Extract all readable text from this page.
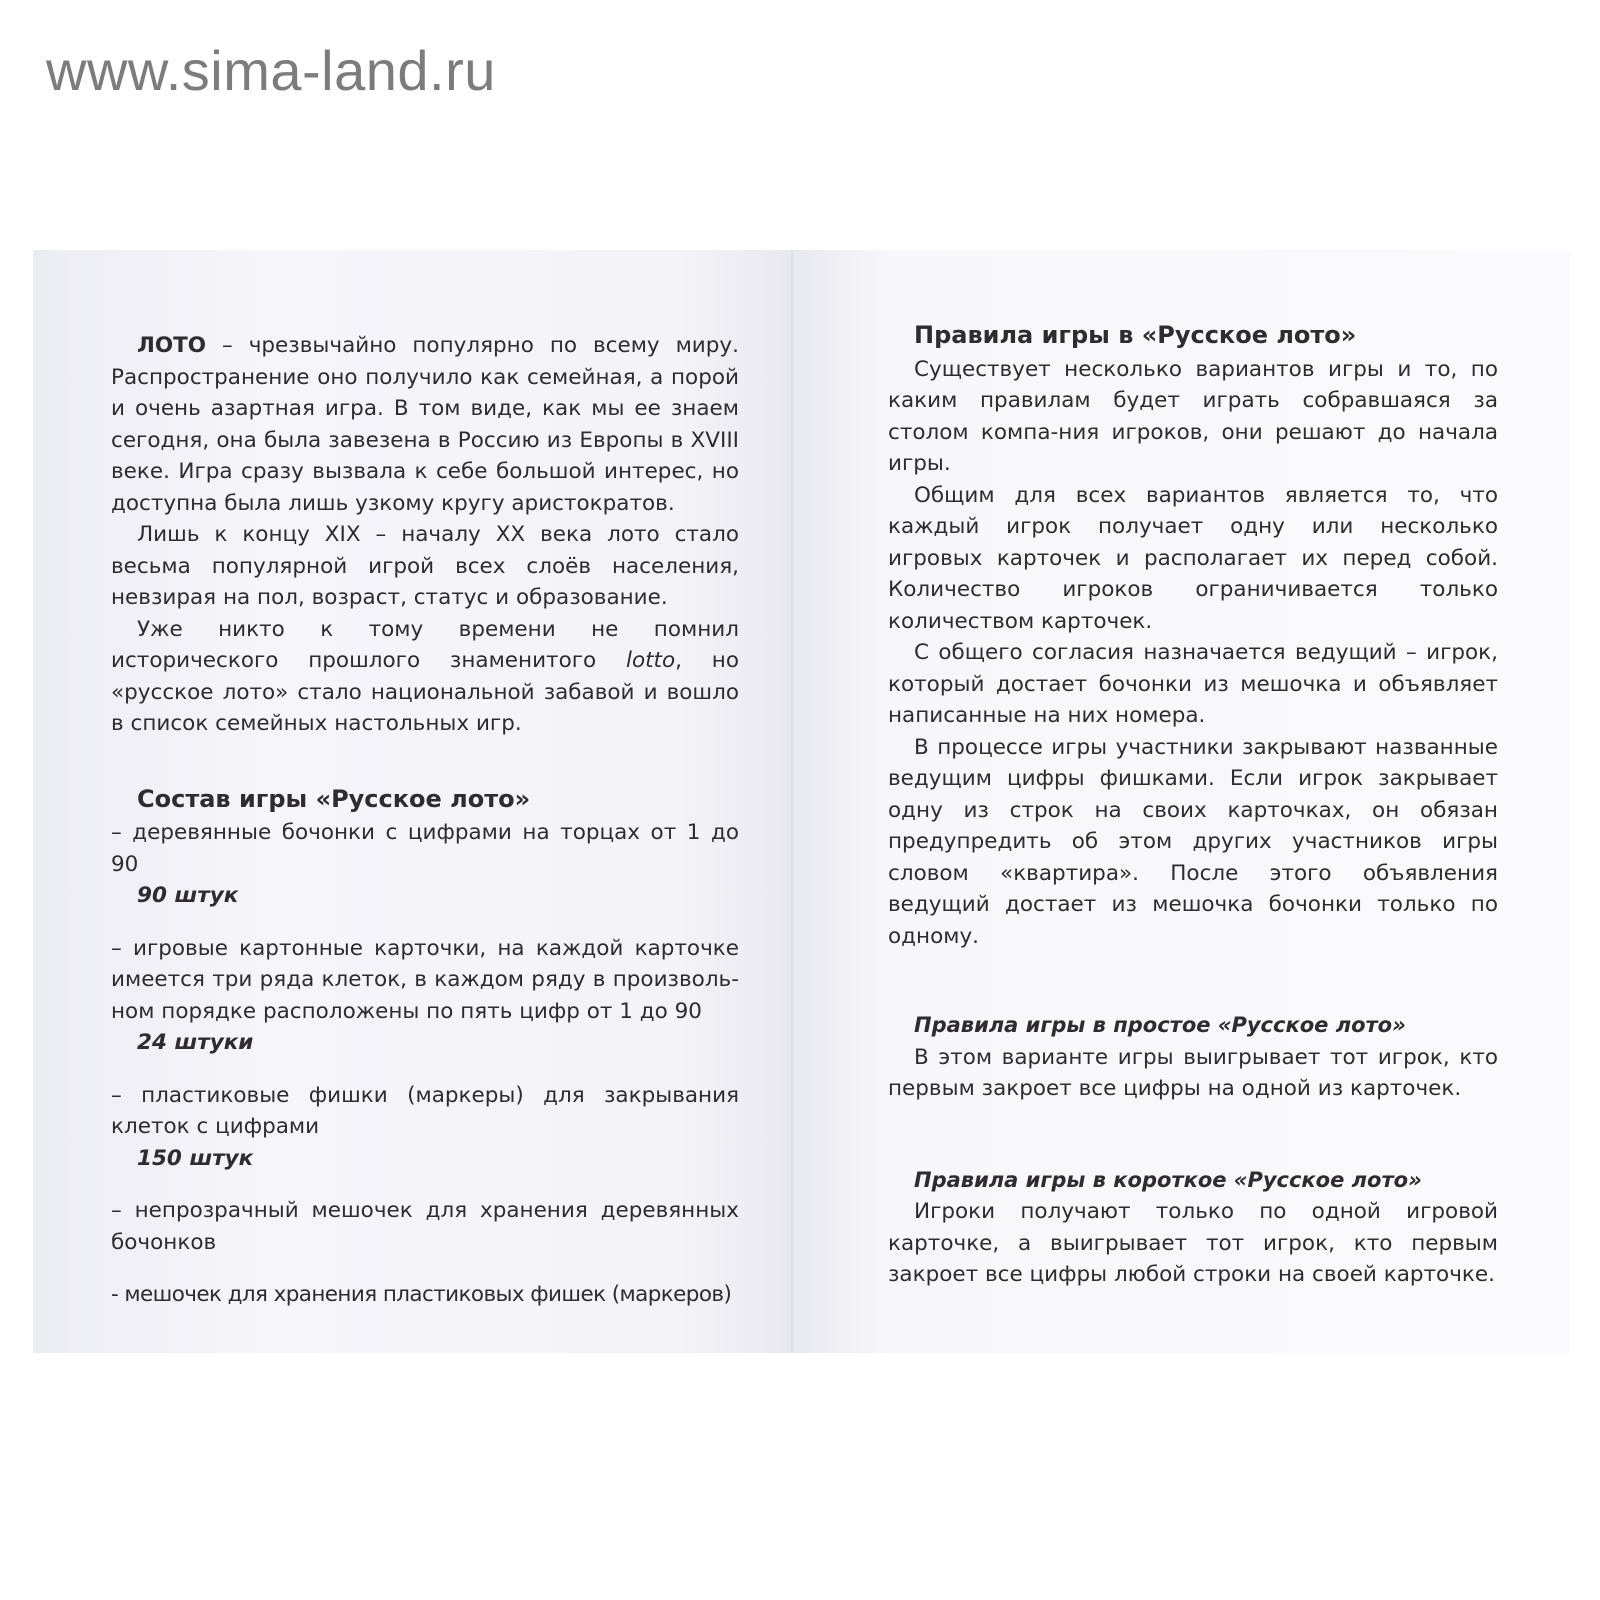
www.sima-land.ru

ЛОТО – чрезвычайно популярно по всему миру. Распространение оно получило как семейная, а порой и очень азартная игра. В том виде, как мы ее знаем сегодня, она была завезена в Россию из Европы в XVIII веке. Игра сразу вызвала к себе большой интерес, но доступна была лишь узкому кругу аристократов.

Лишь к концу XIX – началу XX века лото стало весьма популярной игрой всех слоёв населения, невзирая на пол, возраст, статус и образование.

Уже никто к тому времени не помнил исторического прошлого знаменитого lotto, но «русское лото» стало национальной забавой и вошло в список семейных настольных игр.

Состав игры «Русское лото»

– деревянные бочонки с цифрами на торцах от 1 до 90

90 штук

– игровые картонные карточки, на каждой карточке имеется три ряда клеток, в каждом ряду в произволь-ном порядке расположены по пять цифр от 1 до 90

24 штуки

– пластиковые фишки (маркеры) для закрывания клеток с цифрами

150 штук

– непрозрачный мешочек для хранения деревянных бочонков

- мешочек для хранения пластиковых фишек (маркеров)

Правила игры в «Русское лото»

Существует несколько вариантов игры и то, по каким правилам будет играть собравшаяся за столом компа-ния игроков, они решают до начала игры.

Общим для всех вариантов является то, что каждый игрок получает одну или несколько игровых карточек и располагает их перед собой. Количество игроков ограничивается только количеством карточек.

С общего согласия назначается ведущий – игрок, который достает бочонки из мешочка и объявляет написанные на них номера.

В процессе игры участники закрывают названные ведущим цифры фишками. Если игрок закрывает одну из строк на своих карточках, он обязан предупредить об этом других участников игры словом «квартира». После этого объявления ведущий достает из мешочка бочонки только по одному.

Правила игры в простое «Русское лото»

В этом варианте игры выигрывает тот игрок, кто первым закроет все цифры на одной из карточек.

Правила игры в короткое «Русское лото»

Игроки получают только по одной игровой карточке, а выигрывает тот игрок, кто первым закроет все цифры любой строки на своей карточке.
